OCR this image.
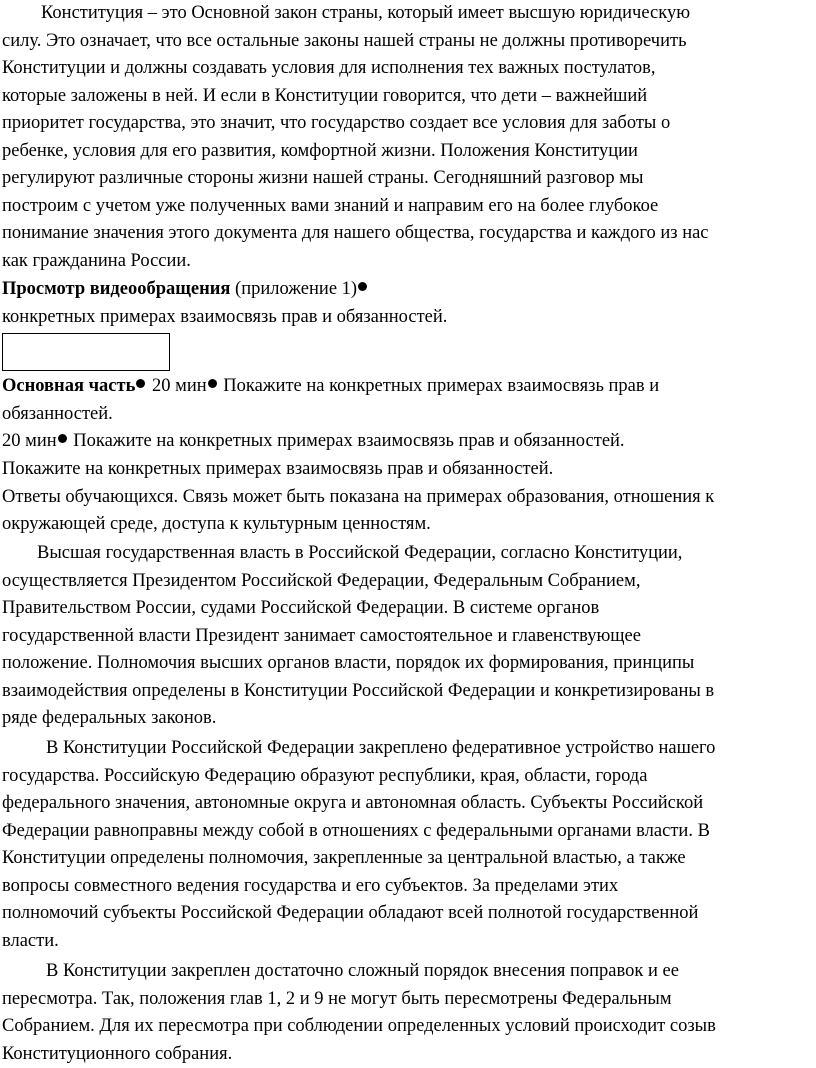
Конституция – это Основной закон страны, который имеет высшую юридическую
силу. Это означает, что все остальные законы нашей страны не должны противоречить
Конституции и должны создавать условия для исполнения тех важных постулатов,
которые заложены в ней. И если в Конституции говорится, что дети – важнейший
приоритет государства, это значит, что государство создает все условия для заботы о
ребенке, условия для его развития, комфортной жизни. Положения Конституции
регулируют различные стороны жизни нашей страны. Сегодняшний разговор мы
построим с учетом уже полученных вами знаний и направим его на более глубокое
понимание значения этого документа для нашего общества, государства и каждого из нас
как гражданина России.
Просмотр видеообращения (приложение 1)
конкретных примерах взаимосвязь прав и обязанностей.
Основная часть 20 мин Покажите на конкретных примерах взаимосвязь прав и
обязанностей.
20 мин Покажите на конкретных примерах взаимосвязь прав и обязанностей.
Покажите на конкретных примерах взаимосвязь прав и обязанностей.
Ответы обучающихся. Связь может быть показана на примерах образования, отношения к
окружающей среде, доступа к культурным ценностям.
Высшая государственная власть в Российской Федерации, согласно Конституции,
осуществляется Президентом Российской Федерации, Федеральным Собранием,
Правительством России, судами Российской Федерации. В системе органов
государственной власти Президент занимает самостоятельное и главенствующее
положение. Полномочия высших органов власти, порядок их формирования, принципы
взаимодействия определены в Конституции Российской Федерации и конкретизированы в
ряде федеральных законов.
В Конституции Российской Федерации закреплено федеративное устройство нашего
государства. Российскую Федерацию образуют республики, края, области, города
федерального значения, автономные округа и автономная область. Субъекты Российской
Федерации равноправны между собой в отношениях с федеральными органами власти. В
Конституции определены полномочия, закрепленные за центральной властью, а также
вопросы совместного ведения государства и его субъектов. За пределами этих
полномочий субъекты Российской Федерации обладают всей полнотой государственной
власти.
В Конституции закреплен достаточно сложный порядок внесения поправок и ее
пересмотра. Так, положения глав 1, 2 и 9 не могут быть пересмотрены Федеральным
Собранием. Для их пересмотра при соблюдении определенных условий происходит созыв
Конституционного собрания.
